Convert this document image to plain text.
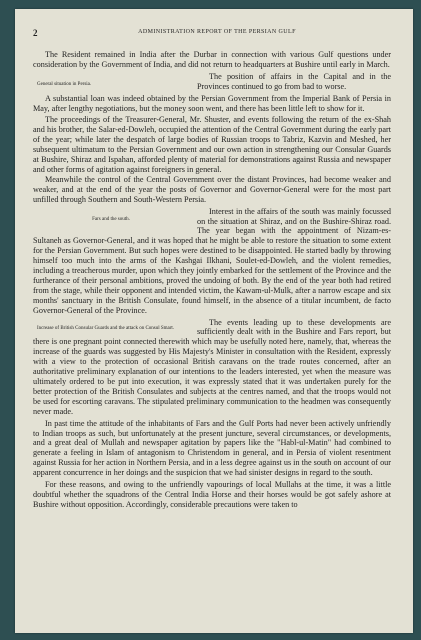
2	ADMINISTRATION REPORT OF THE PERSIAN GULF

The Resident remained in India after the Durbar in connection with various Gulf questions under consideration by the Government of India, and did not return to headquarters at Bushire until early in March.

General situation in Persia.

The position of affairs in the Capital and in the Provinces continued to go from bad to worse.

A substantial loan was indeed obtained by the Persian Government from the Imperial Bank of Persia in May, after lengthy negotiations, but the money soon went, and there has been little left to show for it.

The proceedings of the Treasurer-General, Mr. Shuster, and events following the return of the ex-Shah and his brother, the Salar-ed-Dowleh, occupied the attention of the Central Government during the early part of the year; while later the despatch of large bodies of Russian troops to Tabriz, Kazvin and Meshed, her subsequent ultimatum to the Persian Government and our own action in strengthening our Consular Guards at Bushire, Shiraz and Ispahan, afforded plenty of material for demonstrations against Russia and newspaper and other forms of agitation against foreigners in general.

Meanwhile the control of the Central Government over the distant Provinces, had become weaker and weaker, and at the end of the year the posts of Governor and Governor-General were for the most part unfilled through Southern and South-Western Persia.

Fars and the south.

Interest in the affairs of the south was mainly focussed on the situation at Shiraz, and on the Bushire-Shiraz road. The year began with the appointment of Nizam-es-Sultaneh as Governor-General, and it was hoped that he might be able to restore the situation to some extent for the Persian Government. But such hopes were destined to be disappointed. He started badly by throwing himself too much into the arms of the Kashgai Ilkhani, Soulet-ed-Dowleh, and the violent remedies, including a treacherous murder, upon which they jointly embarked for the settlement of the Province and the furtherance of their personal ambitions, proved the undoing of both. By the end of the year both had retired from the stage, while their opponent and intended victim, the Kawam-ul-Mulk, after a narrow escape and six months' sanctuary in the British Consulate, found himself, in the absence of a titular incumbent, de facto Governor-General of the Province.

Increase of British Consular Guards and the attack on Consul Smart.

The events leading up to these developments are sufficiently dealt with in the Bushire and Fars report, but there is one pregnant point connected therewith which may be usefully noted here, namely, that, whereas the increase of the guards was suggested by His Majesty's Minister in consultation with the Resident, expressly with a view to the protection of occasional British caravans on the trade routes concerned, after an authoritative preliminary explanation of our intentions to the leaders interested, yet when the measure was ultimately ordered to be put into execution, it was expressly stated that it was undertaken purely for the better protection of the British Consulates and subjects at the centres named, and that the troops would not be used for escorting caravans. The stipulated preliminary communication to the headmen was consequently never made.

In past time the attitude of the inhabitants of Fars and the Gulf Ports had never been actively unfriendly to Indian troops as such, but unfortunately at the present juncture, several circumstances, or developments, and a great deal of Mullah and newspaper agitation by papers like the "Habl-ul-Matin" had combined to generate a feeling in Islam of antagonism to Christendom in general, and in Persia of violent resentment against Russia for her action in Northern Persia, and in a less degree against us in the south on account of our apparent concurrence in her doings and the suspicion that we had sinister designs in regard to the south.

For these reasons, and owing to the unfriendly vapourings of local Mullahs at the time, it was a little doubtful whether the squadrons of the Central India Horse and their horses would be got safely ashore at Bushire without opposition. Accordingly, considerable precautions were taken to
